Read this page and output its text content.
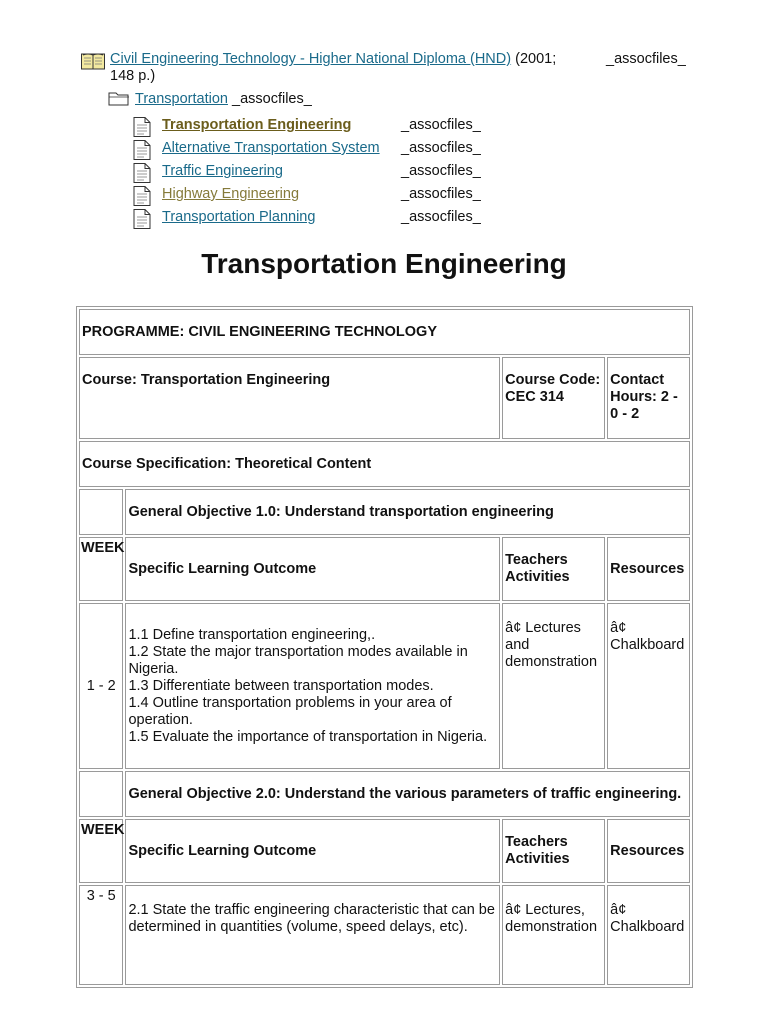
Civil Engineering Technology - Higher National Diploma (HND) (2001;	_assocfiles_
148 p.)
Transportation _assocfiles_
Transportation Engineering	_assocfiles_
Alternative Transportation System _assocfiles_
Traffic Engineering	_assocfiles_
Highway Engineering	_assocfiles_
Transportation Planning	_assocfiles_
Transportation Engineering
PROGRAMME: CIVIL ENGINEERING TECHNOLOGY			
Course: Transportation Engineering		Course Code: CEC 314	Contact Hours: 2 - 0 - 2
Course Specification: Theoretical Content			
	General Objective 1.0: Understand transportation engineering		
WEEK	Specific Learning Outcome	Teachers Activities	Resources
1 - 2	1.1 Define transportation engineering,.
1.2 State the major transportation modes available in Nigeria.
1.3 Differentiate between transportation modes.
1.4 Outline transportation problems in your area of operation.
1.5 Evaluate the importance of transportation in Nigeria.	â¢ Lectures and demonstration	â¢ Chalkboard
	General Objective 2.0: Understand the various parameters of traffic engineering.		
WEEK	Specific Learning Outcome	Teachers Activities	Resources
3 - 5	2.1 State the traffic engineering characteristic that can be determined in quantities (volume, speed delays, etc).	â¢ Lectures, demonstration	â¢ Chalkboard
